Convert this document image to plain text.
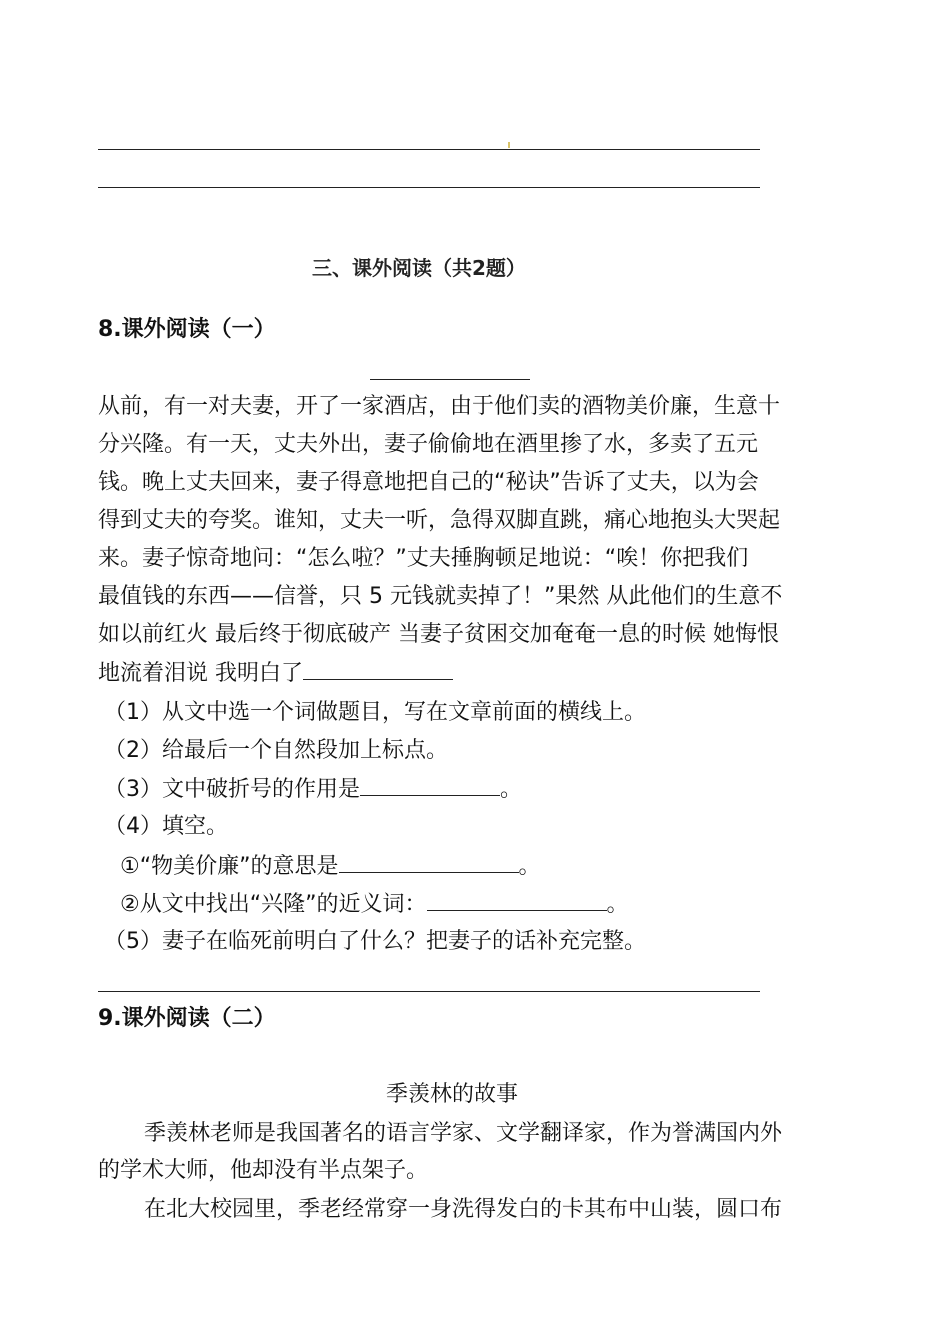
三、课外阅读（共2题）
8.课外阅读（一）
从前，有一对夫妻，开了一家酒店，由于他们卖的酒物美价廉，生意十
分兴隆。有一天，丈夫外出，妻子偷偷地在酒里掺了水，多卖了五元
钱。晚上丈夫回来，妻子得意地把自己的“秘诀”告诉了丈夫，以为会
得到丈夫的夸奖。谁知，丈夫一听，急得双脚直跳，痛心地抱头大哭起
来。妻子惊奇地问：“怎么啦？”丈夫捶胸顿足地说：“唉！你把我们
最值钱的东西——信誉，只 5 元钱就卖掉了！”果然 从此他们的生意不
如以前红火 最后终于彻底破产 当妻子贫困交加奄奄一息的时候 她悔恨
地流着泪说 我明白了
（1）从文中选一个词做题目，写在文章前面的横线上。
（2）给最后一个自然段加上标点。
（3）文中破折号的作用是	。
（4）填空。
①“物美价廉”的意思是	。
②从文中找出“兴隆”的近义词：	。
（5）妻子在临死前明白了什么？把妻子的话补充完整。
9.课外阅读（二）
季羡林的故事
季羡林老师是我国著名的语言学家、文学翻译家，作为誉满国内外
的学术大师，他却没有半点架子。
在北大校园里，季老经常穿一身洗得发白的卡其布中山装，圆口布
